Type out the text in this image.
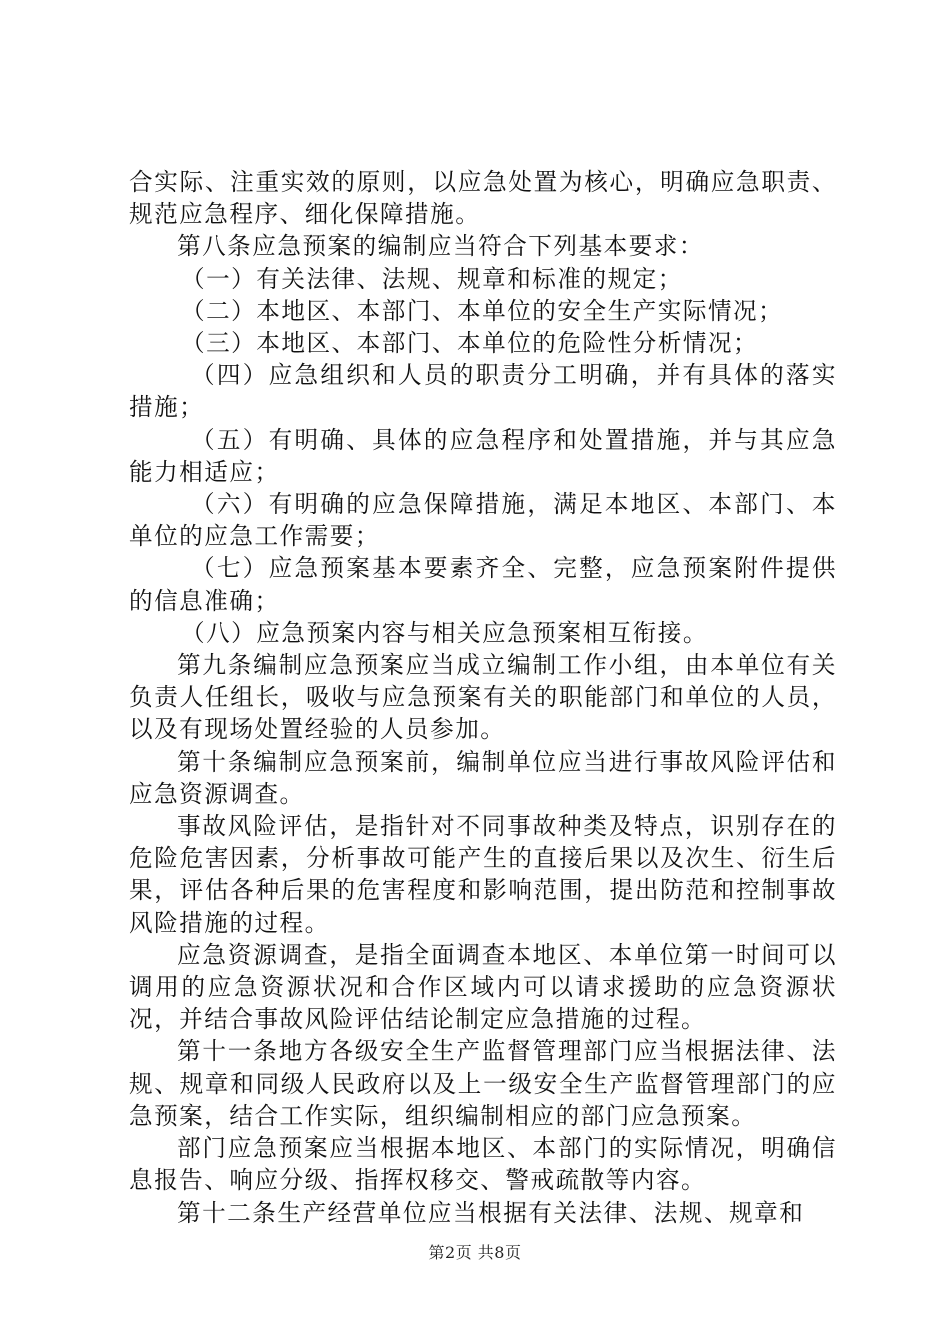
合实际、注重实效的原则，以应急处置为核心，明确应急职责、规范应急程序、细化保障措施。

第八条应急预案的编制应当符合下列基本要求：

（一）有关法律、法规、规章和标准的规定；

（二）本地区、本部门、本单位的安全生产实际情况；

（三）本地区、本部门、本单位的危险性分析情况；

（四）应急组织和人员的职责分工明确，并有具体的落实措施；

（五）有明确、具体的应急程序和处置措施，并与其应急能力相适应；

（六）有明确的应急保障措施，满足本地区、本部门、本单位的应急工作需要；

（七）应急预案基本要素齐全、完整，应急预案附件提供的信息准确；

（八）应急预案内容与相关应急预案相互衔接。

第九条编制应急预案应当成立编制工作小组，由本单位有关负责人任组长，吸收与应急预案有关的职能部门和单位的人员，以及有现场处置经验的人员参加。

第十条编制应急预案前，编制单位应当进行事故风险评估和应急资源调查。

事故风险评估，是指针对不同事故种类及特点，识别存在的危险危害因素，分析事故可能产生的直接后果以及次生、衍生后果，评估各种后果的危害程度和影响范围，提出防范和控制事故风险措施的过程。

应急资源调查，是指全面调查本地区、本单位第一时间可以调用的应急资源状况和合作区域内可以请求援助的应急资源状况，并结合事故风险评估结论制定应急措施的过程。

第十一条地方各级安全生产监督管理部门应当根据法律、法规、规章和同级人民政府以及上一级安全生产监督管理部门的应急预案，结合工作实际，组织编制相应的部门应急预案。

部门应急预案应当根据本地区、本部门的实际情况，明确信息报告、响应分级、指挥权移交、警戒疏散等内容。

第十二条生产经营单位应当根据有关法律、法规、规章和

第2页 共8页
